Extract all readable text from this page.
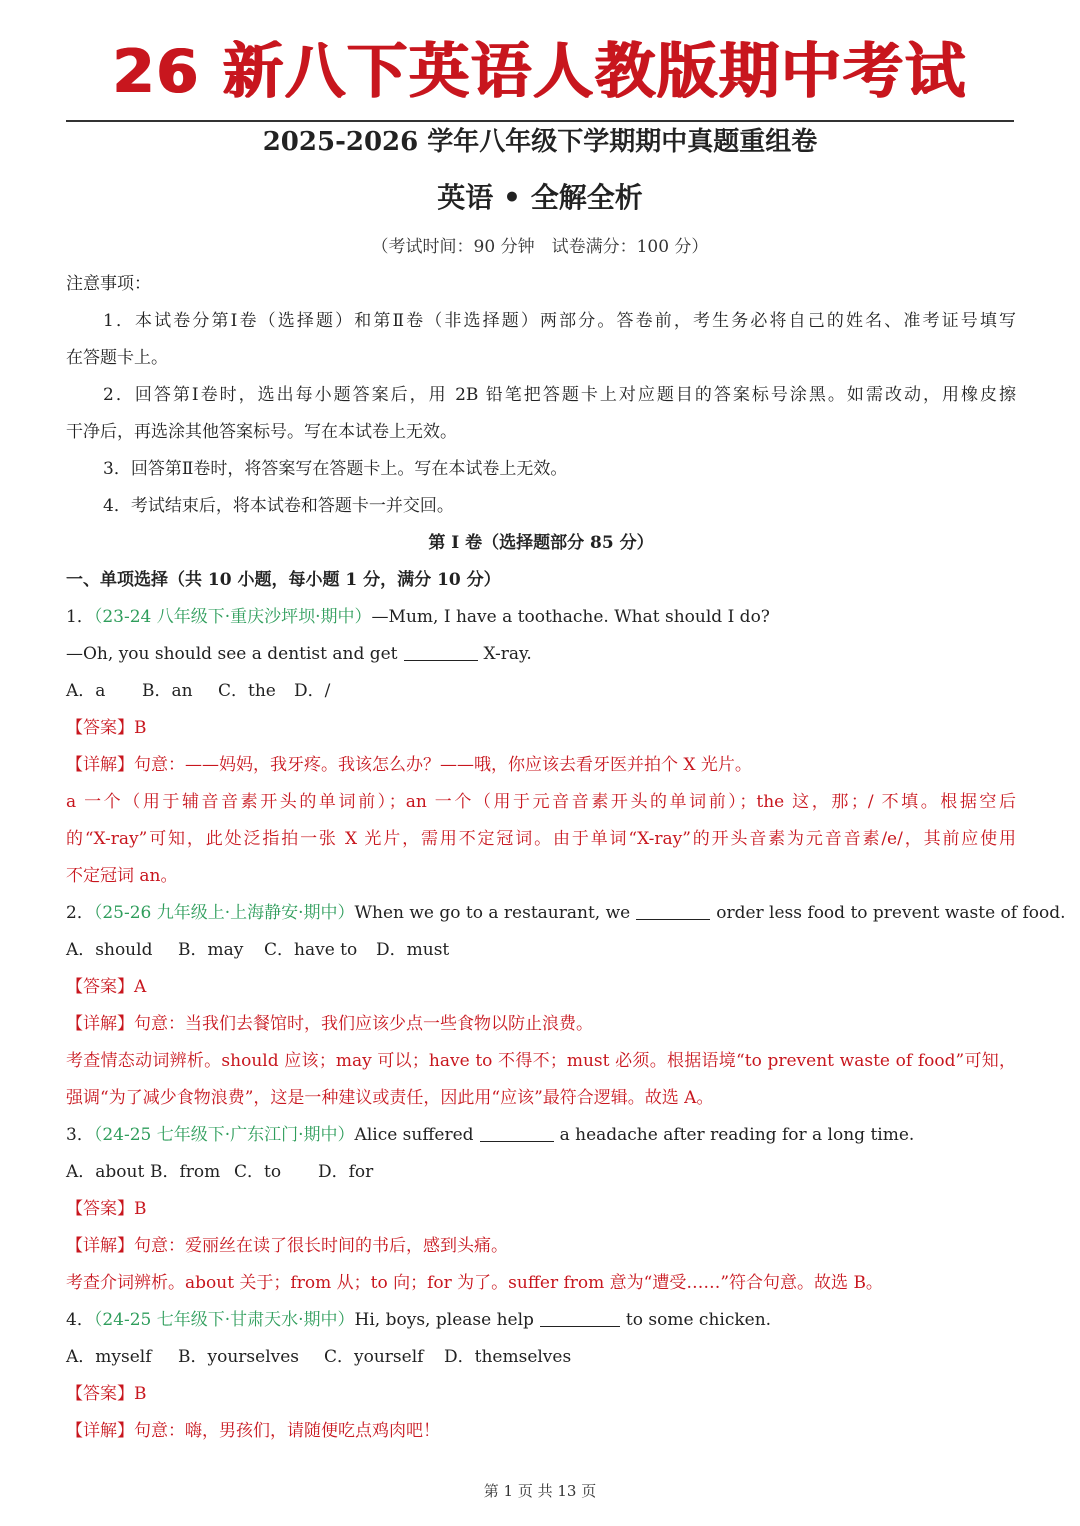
26 新八下英语人教版期中考试
2025-2026 学年八年级下学期期中真题重组卷
英语 • 全解全析
（考试时间：90 分钟　试卷满分：100 分）
注意事项：
1．本试卷分第Ⅰ卷（选择题）和第Ⅱ卷（非选择题）两部分。答卷前，考生务必将自己的姓名、准考证号填写
在答题卡上。
2．回答第Ⅰ卷时，选出每小题答案后，用 2B 铅笔把答题卡上对应题目的答案标号涂黑。如需改动，用橡皮擦
干净后，再选涂其他答案标号。写在本试卷上无效。
3．回答第Ⅱ卷时，将答案写在答题卡上。写在本试卷上无效。
4．考试结束后，将本试卷和答题卡一并交回。
第 I 卷（选择题部分 85 分）
一、单项选择（共 10 小题，每小题 1 分，满分 10 分）
1．（23-24 八年级下·重庆沙坪坝·期中）—Mum, I have a toothache. What should I do?
—Oh, you should see a dentist and get	X-ray.
A．a B．an C．the D．/
【答案】B
【详解】句意：——妈妈，我牙疼。我该怎么办？——哦，你应该去看牙医并拍个 X 光片。
a 一个（用于辅音音素开头的单词前）；an 一个（用于元音音素开头的单词前）；the 这，那；/ 不填。根据空后
的“X-ray”可知，此处泛指拍一张 X 光片，需用不定冠词。由于单词“X-ray”的开头音素为元音音素/e/，其前应使用
不定冠词 an。
2．（25-26 九年级上·上海静安·期中）When we go to a restaurant, we	order less food to prevent waste of food.
A．should B．may C．have to D．must
【答案】A
【详解】句意：当我们去餐馆时，我们应该少点一些食物以防止浪费。
考查情态动词辨析。should 应该；may 可以；have to 不得不；must 必须。根据语境“to prevent waste of food”可知，
强调“为了减少食物浪费”，这是一种建议或责任，因此用“应该”最符合逻辑。故选 A。
3．（24-25 七年级下·广东江门·期中）Alice suffered	a headache after reading for a long time.
A．about B．from C．to D．for
【答案】B
【详解】句意：爱丽丝在读了很长时间的书后，感到头痛。
考查介词辨析。about 关于；from 从；to 向；for 为了。suffer from 意为“遭受……”符合句意。故选 B。
4．（24-25 七年级下·甘肃天水·期中）Hi, boys, please help	to some chicken.
A．myself B．yourselves C．yourself D．themselves
【答案】B
【详解】句意：嗨，男孩们，请随便吃点鸡肉吧！
第 1 页 共 13 页
